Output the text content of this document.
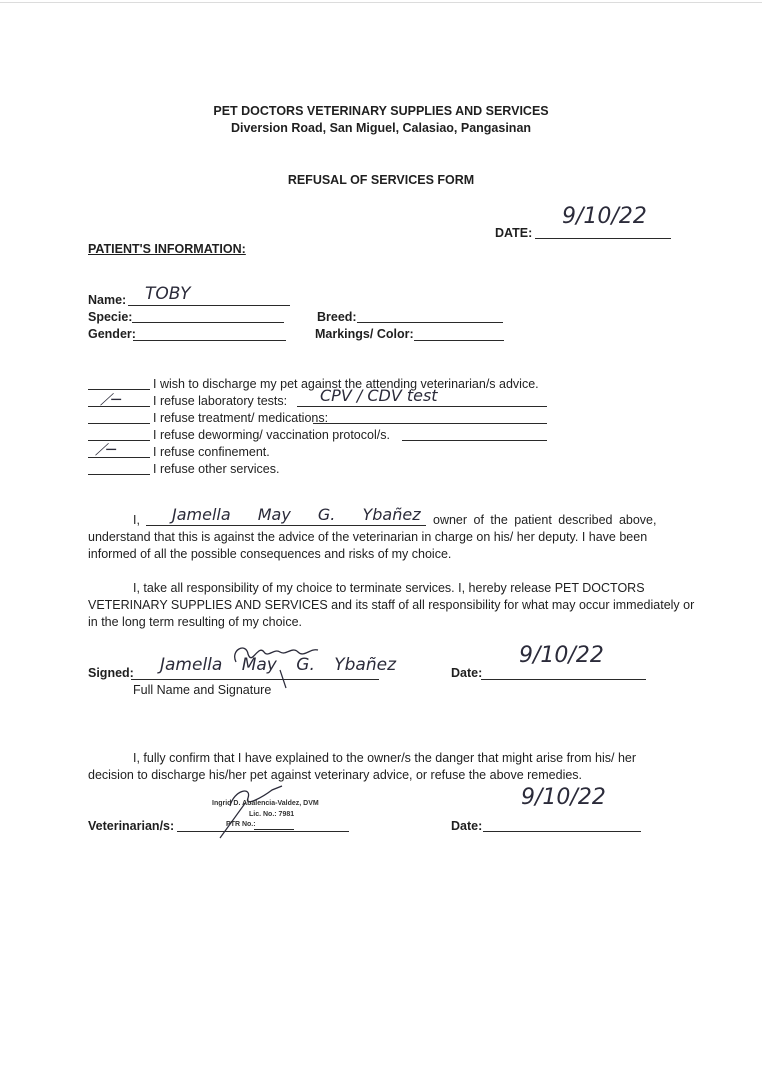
PET DOCTORS VETERINARY SUPPLIES AND SERVICES
Diversion Road, San Miguel, Calasiao, Pangasinan
REFUSAL OF SERVICES FORM
DATE:
9/10/22
PATIENT'S INFORMATION:
Name: TOBY
Specie:
Gender:
Breed:
Markings/ Color:
I wish to discharge my pet against the attending veterinarian/s advice.
⟋─	I refuse laboratory tests: CPV / CDV test
I refuse treatment/ medications:
I refuse deworming/ vaccination protocol/s.
⟋─	I refuse confinement.
I refuse other services.
I, Jamella May G. Ybañez owner of the patient described above,
understand that this is against the advice of the veterinarian in charge on his/ her deputy. I have been
informed of all the possible consequences and risks of my choice.
I, take all responsibility of my choice to terminate services. I, hereby release PET DOCTORS
VETERINARY SUPPLIES AND SERVICES and its staff of all responsibility for what may occur immediately or
in the long term resulting of my choice.
Signed: Jamella May G. Ybañez
Full Name and Signature
Date:
9/10/22
I, fully confirm that I have explained to the owner/s the danger that might arise from his/ her
decision to discharge his/her pet against veterinary advice, or refuse the above remedies.
Veterinarian/s:
Ingrid D. Abalencia-Valdez, DVM
Lic. No.: 7981
PTR No.:	Date:
9/10/22
